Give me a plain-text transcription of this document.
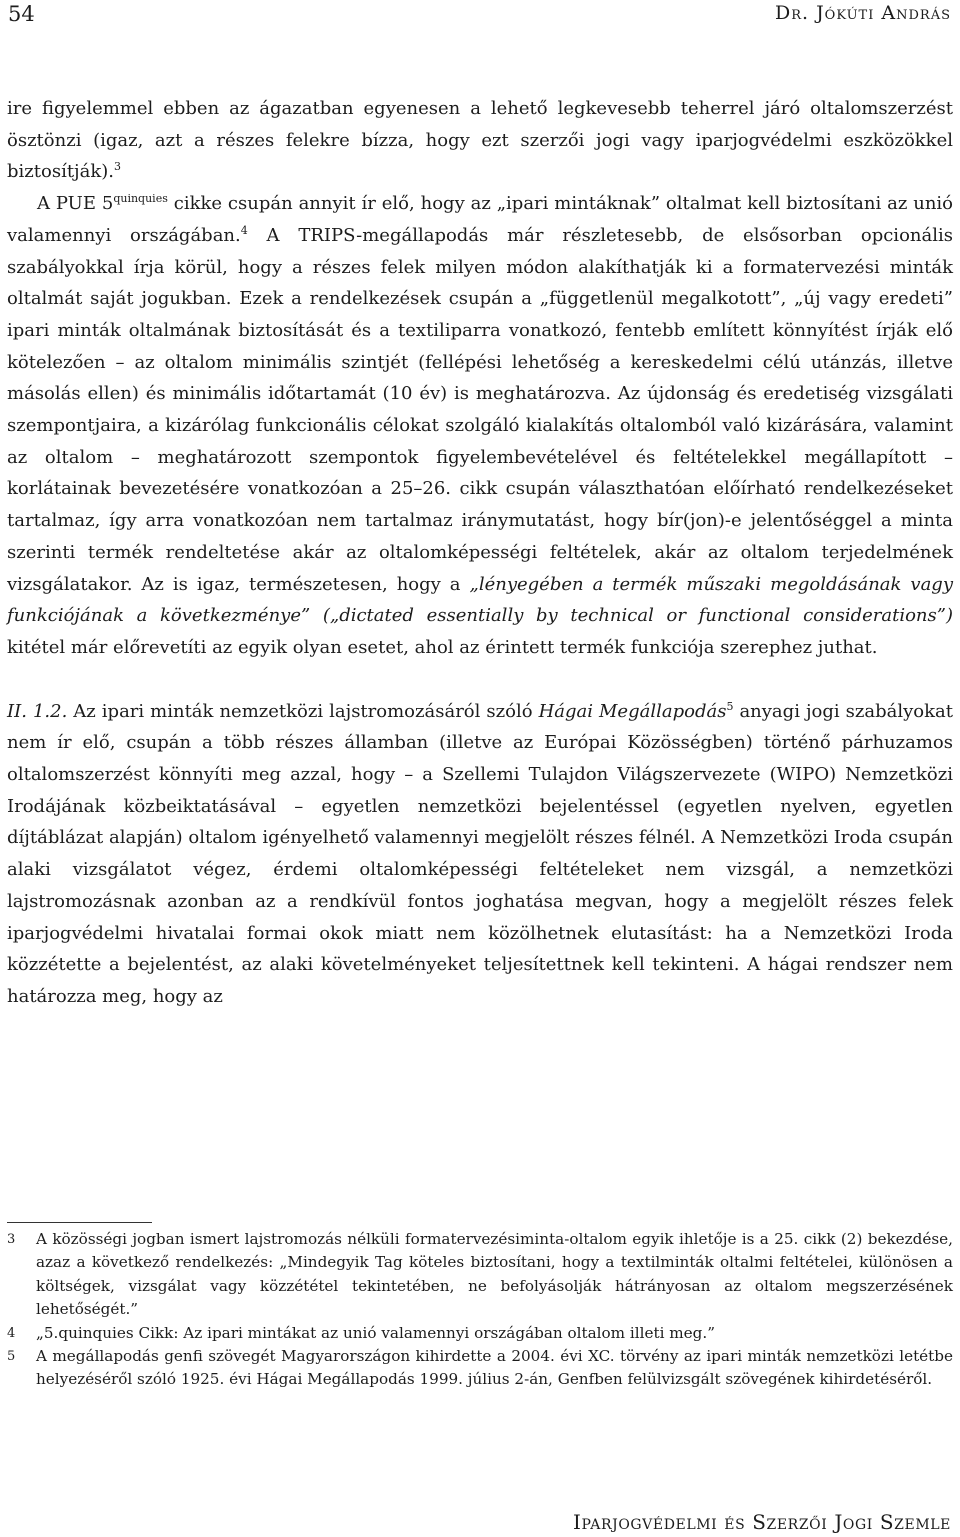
54	Dr. Jókúti András

ire figyelemmel ebben az ágazatban egyenesen a lehető legkevesebb teherrel járó oltalomszerzést ösztönzi (igaz, azt a részes felekre bízza, hogy ezt szerzői jogi vagy iparjogvédelmi eszközökkel biztosítják).$^3$

A PUE $5^{quinquies}$ cikke csupán annyit ír elő, hogy az „ipari mintáknak” oltalmat kell biztosítani az unió valamennyi országában.$^4$ A TRIPS-megállapodás már részletesebb, de elsősorban opcionális szabályokkal írja körül, hogy a részes felek milyen módon alakíthatják ki a formatervezési minták oltalmát saját jogukban. Ezek a rendelkezések csupán a „függetlenül megalkotott”, „új vagy eredeti” ipari minták oltalmának biztosítását és a textiliparra vonatkozó, fentebb említett könnyítést írják elő kötelezően – az oltalom minimális szintjét (fellépési lehetőség a kereskedelmi célú utánzás, illetve másolás ellen) és minimális időtartamát (10 év) is meghatározva. Az újdonság és eredetiség vizsgálati szempontjaira, a kizárólag funkcionális célokat szolgáló kialakítás oltalomból való kizárására, valamint az oltalom – meghatározott szempontok figyelembevételével és feltételekkel megállapított – korlátainak bevezetésére vonatkozóan a 25–26. cikk csupán választhatóan előírható rendelkezéseket tartalmaz, így arra vonatkozóan nem tartalmaz iránymutatást, hogy bír(jon)-e jelentőséggel a minta szerinti termék rendeltetése akár az oltalomképességi feltételek, akár az oltalom terjedelmének vizsgálatakor. Az is igaz, természetesen, hogy a „lényegében a termék műszaki megoldásának vagy funkciójának a következménye” („dictated essentially by technical or functional considerations”) kitétel már előrevetíti az egyik olyan esetet, ahol az érintett termék funkciója szerephez juthat.

II. 1.2. Az ipari minták nemzetközi lajstromozásáról szóló Hágai Megállapodás$^5$ anyagi jogi szabályokat nem ír elő, csupán a több részes államban (illetve az Európai Közösségben) történő párhuzamos oltalomszerzést könnyíti meg azzal, hogy – a Szellemi Tulajdon Világszervezete (WIPO) Nemzetközi Irodájának közbeiktatásával – egyetlen nemzetközi bejelentéssel (egyetlen nyelven, egyetlen díjtáblázat alapján) oltalom igényelhető valamennyi megjelölt részes félnél. A Nemzetközi Iroda csupán alaki vizsgálatot végez, érdemi oltalomképességi feltételeket nem vizsgál, a nemzetközi lajstromozásnak azonban az a rendkívül fontos joghatása megvan, hogy a megjelölt részes felek iparjogvédelmi hivatalai formai okok miatt nem közölhetnek elutasítást: ha a Nemzetközi Iroda közzétette a bejelentést, az alaki követelményeket teljesítettnek kell tekinteni. A hágai rendszer nem határozza meg, hogy az

3 A közösségi jogban ismert lajstromozás nélküli formatervezésiminta-oltalom egyik ihletője is a 25. cikk (2) bekezdése, azaz a következő rendelkezés: „Mindegyik Tag köteles biztosítani, hogy a textilminták oltalmi feltételei, különösen a költségek, vizsgálat vagy közzététel tekintetében, ne befolyásolják hátrányosan az oltalom megszerzésének lehetőségét.”
4 „5.quinquies Cikk: Az ipari mintákat az unió valamennyi országában oltalom illeti meg.”
5 A megállapodás genfi szövegét Magyarországon kihirdette a 2004. évi XC. törvény az ipari minták nemzetközi letétbe helyezéséről szóló 1925. évi Hágai Megállapodás 1999. július 2-án, Genfben felülvizsgált szövegének kihirdetéséről.
Iparjogvédelmi és Szerzői Jogi Szemle
